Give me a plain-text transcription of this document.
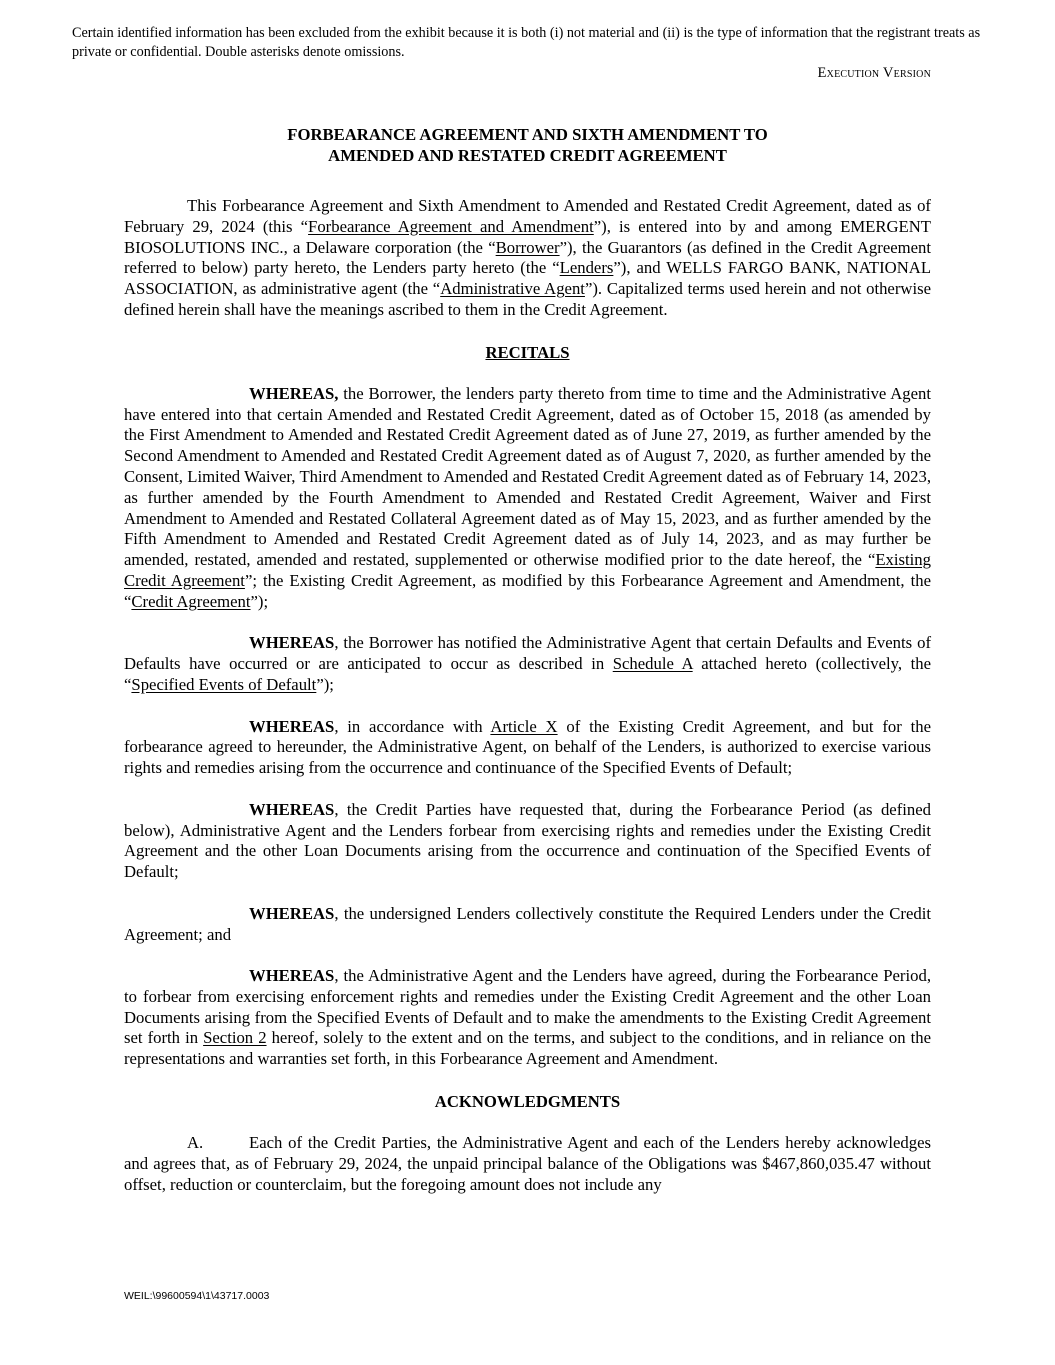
Certain identified information has been excluded from the exhibit because it is both (i) not material and (ii) is the type of information that the registrant treats as private or confidential. Double asterisks denote omissions.
Execution Version
FORBEARANCE AGREEMENT AND SIXTH AMENDMENT TO
AMENDED AND RESTATED CREDIT AGREEMENT

This Forbearance Agreement and Sixth Amendment to Amended and Restated Credit Agreement, dated as of February 29, 2024 (this “Forbearance Agreement and Amendment”), is entered into by and among EMERGENT BIOSOLUTIONS INC., a Delaware corporation (the “Borrower”), the Guarantors (as defined in the Credit Agreement referred to below) party hereto, the Lenders party hereto (the “Lenders”), and WELLS FARGO BANK, NATIONAL ASSOCIATION, as administrative agent (the “Administrative Agent”). Capitalized terms used herein and not otherwise defined herein shall have the meanings ascribed to them in the Credit Agreement.

RECITALS

WHEREAS, the Borrower, the lenders party thereto from time to time and the Administrative Agent have entered into that certain Amended and Restated Credit Agreement, dated as of October 15, 2018 (as amended by the First Amendment to Amended and Restated Credit Agreement dated as of June 27, 2019, as further amended by the Second Amendment to Amended and Restated Credit Agreement dated as of August 7, 2020, as further amended by the Consent, Limited Waiver, Third Amendment to Amended and Restated Credit Agreement dated as of February 14, 2023, as further amended by the Fourth Amendment to Amended and Restated Credit Agreement, Waiver and First Amendment to Amended and Restated Collateral Agreement dated as of May 15, 2023, and as further amended by the Fifth Amendment to Amended and Restated Credit Agreement dated as of July 14, 2023, and as may further be amended, restated, amended and restated, supplemented or otherwise modified prior to the date hereof, the “Existing Credit Agreement”; the Existing Credit Agreement, as modified by this Forbearance Agreement and Amendment, the “Credit Agreement”);

WHEREAS, the Borrower has notified the Administrative Agent that certain Defaults and Events of Defaults have occurred or are anticipated to occur as described in Schedule A attached hereto (collectively, the “Specified Events of Default”);

WHEREAS, in accordance with Article X of the Existing Credit Agreement, and but for the forbearance agreed to hereunder, the Administrative Agent, on behalf of the Lenders, is authorized to exercise various rights and remedies arising from the occurrence and continuance of the Specified Events of Default;

WHEREAS, the Credit Parties have requested that, during the Forbearance Period (as defined below), Administrative Agent and the Lenders forbear from exercising rights and remedies under the Existing Credit Agreement and the other Loan Documents arising from the occurrence and continuation of the Specified Events of Default;

WHEREAS, the undersigned Lenders collectively constitute the Required Lenders under the Credit Agreement; and

WHEREAS, the Administrative Agent and the Lenders have agreed, during the Forbearance Period, to forbear from exercising enforcement rights and remedies under the Existing Credit Agreement and the other Loan Documents arising from the Specified Events of Default and to make the amendments to the Existing Credit Agreement set forth in Section 2 hereof, solely to the extent and on the terms, and subject to the conditions, and in reliance on the representations and warranties set forth, in this Forbearance Agreement and Amendment.

ACKNOWLEDGMENTS

A.	Each of the Credit Parties, the Administrative Agent and each of the Lenders hereby acknowledges and agrees that, as of February 29, 2024, the unpaid principal balance of the Obligations was $467,860,035.47 without offset, reduction or counterclaim, but the foregoing amount does not include any

WEIL:\99600594\1\43717.0003
